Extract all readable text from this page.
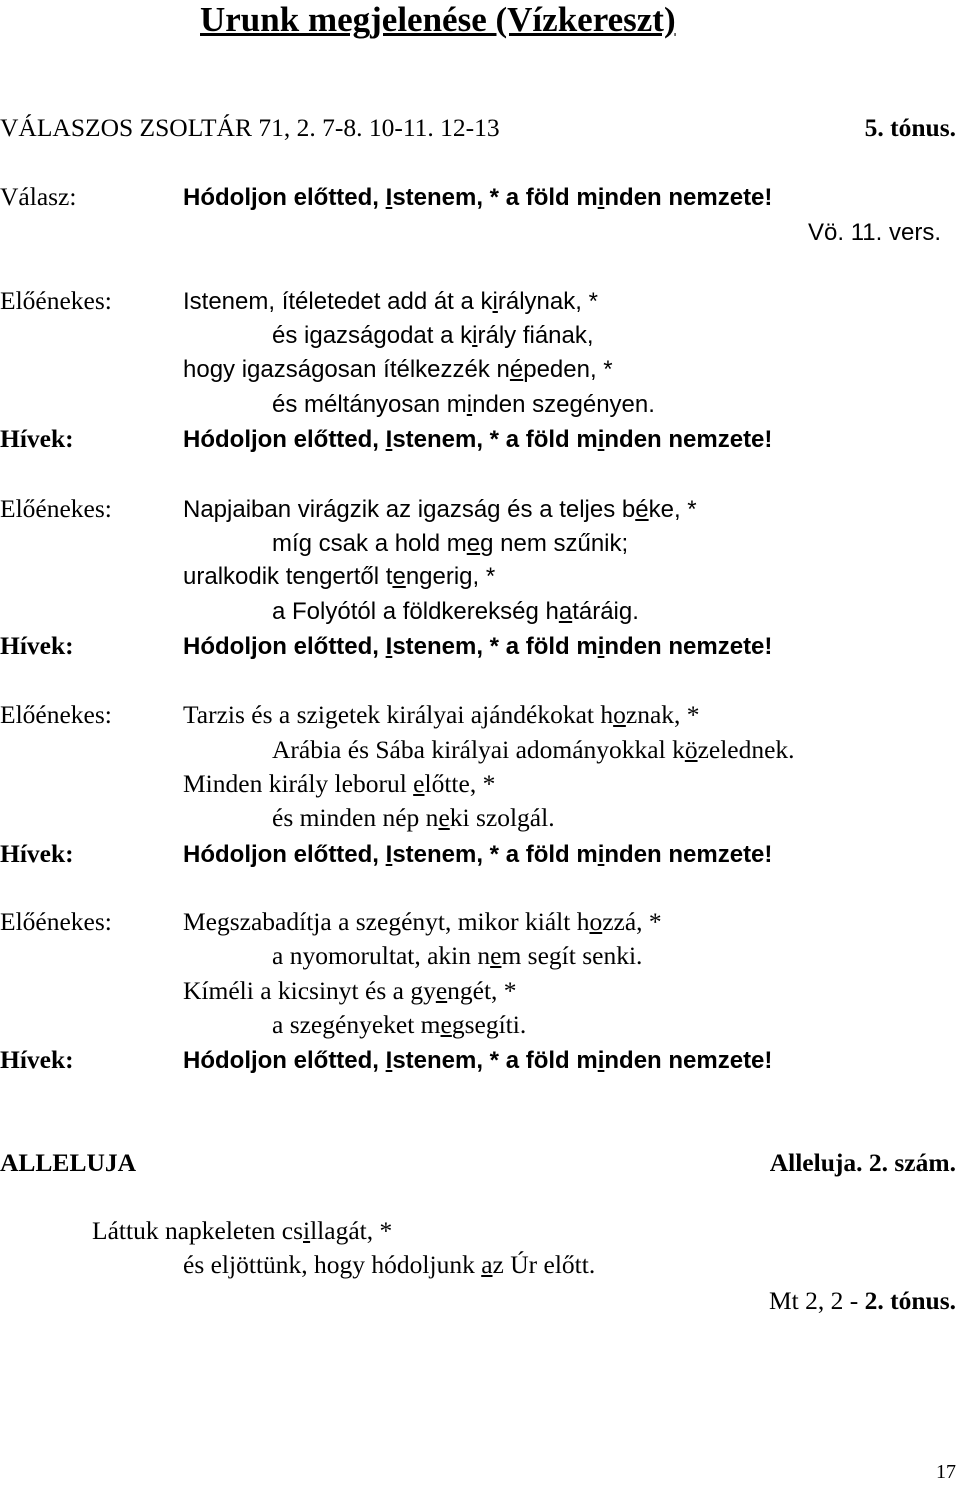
Urunk megjelenése (Vízkereszt)
VÁLASZOS ZSOLTÁR 71, 2. 7-8. 10-11. 12-13	5. tónus.
Válasz:	Hódoljon előtted, Istenem, * a föld minden nemzete!
Vö. 11. vers.
Előénekes:	Istenem, ítéletedet add át a királynak, *
és igazságodat a király fiának,
hogy igazságosan ítélkezzék népeden, *
és méltányosan minden szegényen.
Hívek:	Hódoljon előtted, Istenem, * a föld minden nemzete!
Előénekes:	Napjaiban virágzik az igazság és a teljes béke, *
míg csak a hold meg nem szűnik;
uralkodik tengertől tengerig, *
a Folyótól a földkerekség határáig.
Hívek:	Hódoljon előtted, Istenem, * a föld minden nemzete!
Előénekes:	Tarzis és a szigetek királyai ajándékokat hoznak, *
Arábia és Sába királyai adományokkal közelednek.
Minden király leborul előtte, *
és minden nép neki szolgál.
Hívek:	Hódoljon előtted, Istenem, * a föld minden nemzete!
Előénekes:	Megszabadítja a szegényt, mikor kiált hozzá, *
a nyomorultat, akin nem segít senki.
Kíméli a kicsinyt és a gyengét, *
a szegényeket megsegíti.
Hívek:	Hódoljon előtted, Istenem, * a föld minden nemzete!
ALLELUJA	Alleluja. 2. szám.
Láttuk napkeleten csillagát, *
és eljöttünk, hogy hódoljunk az Úr előtt.
Mt 2, 2 - 2. tónus.
17
